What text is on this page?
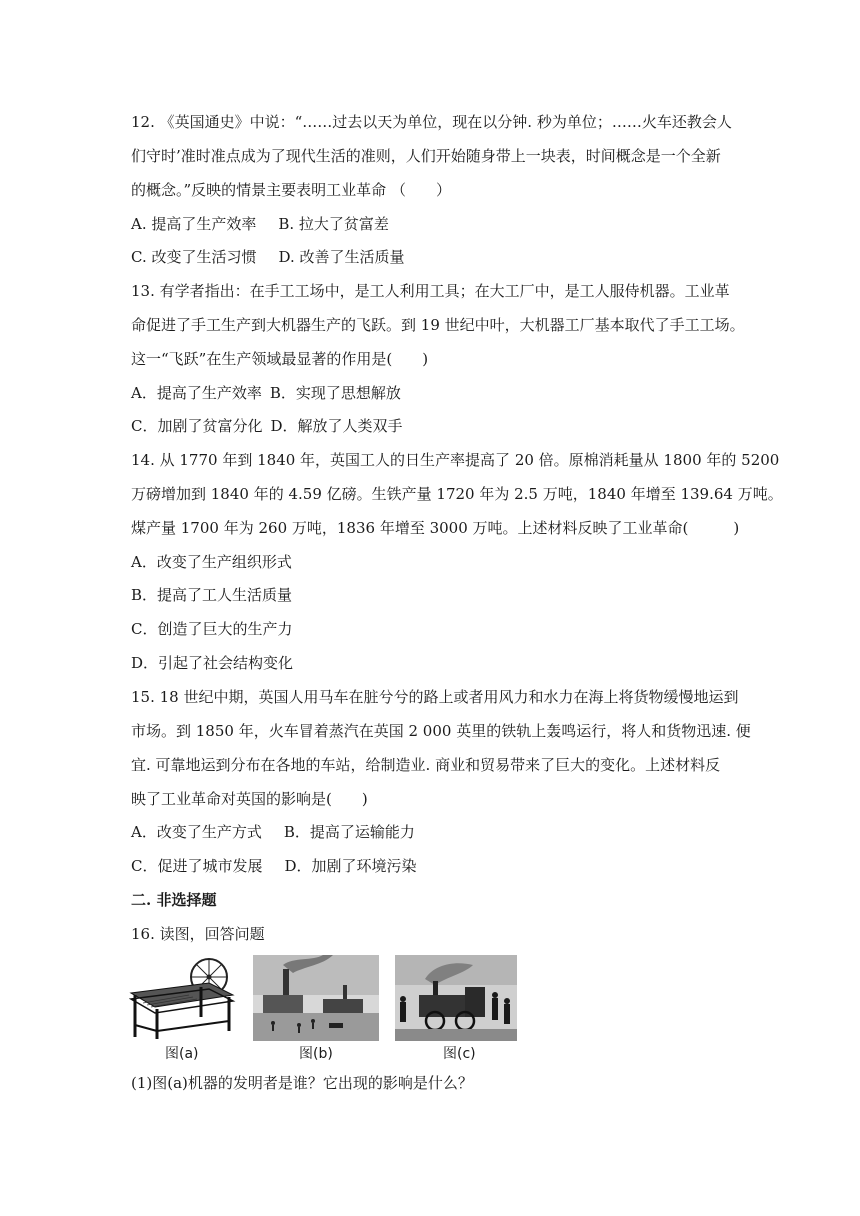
12. 《英国通史》中说：“……过去以天为单位，现在以分钟. 秒为单位；……火车还教会人
们守时’准时准点成为了现代生活的准则，人们开始随身带上一块表，时间概念是一个全新
的概念。”反映的情景主要表明工业革命 （　　）
A. 提高了生产效率 B. 拉大了贫富差
C. 改变了生活习惯 D. 改善了生活质量
13. 有学者指出：在手工工场中，是工人利用工具；在大工厂中，是工人服侍机器。工业革
命促进了手工生产到大机器生产的飞跃。到 19 世纪中叶，大机器工厂基本取代了手工工场。
这一“飞跃”在生产领域最显著的作用是(　　)
A．提高了生产效率 B．实现了思想解放
C．加剧了贫富分化 D．解放了人类双手
14. 从 1770 年到 1840 年，英国工人的日生产率提高了 20 倍。原棉消耗量从 1800 年的 5200
万磅增加到 1840 年的 4.59 亿磅。生铁产量 1720 年为 2.5 万吨，1840 年增至 139.64 万吨。
煤产量 1700 年为 260 万吨，1836 年增至 3000 万吨。上述材料反映了工业革命(　　　)
A．改变了生产组织形式
B．提高了工人生活质量
C．创造了巨大的生产力
D．引起了社会结构变化
15. 18 世纪中期，英国人用马车在脏兮兮的路上或者用风力和水力在海上将货物缓慢地运到
市场。到 1850 年，火车冒着蒸汽在英国 2 000 英里的铁轨上轰鸣运行，将人和货物迅速. 便
宜. 可靠地运到分布在各地的车站，给制造业. 商业和贸易带来了巨大的变化。上述材料反
映了工业革命对英国的影响是(　　)
A．改变了生产方式 B．提高了运输能力
C．促进了城市发展 D．加剧了环境污染
二. 非选择题
16. 读图，回答问题
图(a)	图(b)	图(c)
(1)图(a)机器的发明者是谁？它出现的影响是什么？
